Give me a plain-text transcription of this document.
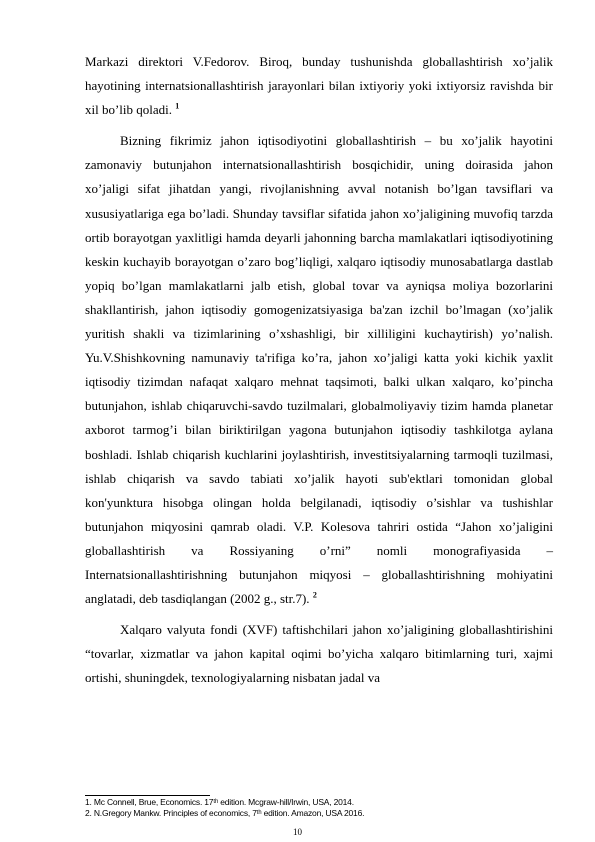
Markazi direktori V.Fedorov. Biroq, bunday tushunishda globallashtirish xo’jalik hayotining internatsionallashtirish jarayonlari bilan ixtiyoriy yoki ixtiyorsiz ravishda bir xil bo’lib qoladi. $^1$

Bizning fikrimiz jahon iqtisodiyotini globallashtirish – bu xo’jalik hayotini zamonaviy butunjahon internatsionallashtirish bosqichidir, uning doirasida jahon xo’jaligi sifat jihatdan yangi, rivojlanishning avval notanish bo’lgan tavsiflari va xususiyatlariga ega bo’ladi. Shunday tavsiflar sifatida jahon xo’jaligining muvofiq tarzda ortib borayotgan yaxlitligi hamda deyarli jahonning barcha mamlakatlari iqtisodiyotining keskin kuchayib borayotgan o’zaro bog’liqligi, xalqaro iqtisodiy munosabatlarga dastlab yopiq bo’lgan mamlakatlarni jalb etish, global tovar va ayniqsa moliya bozorlarini shakllantirish, jahon iqtisodiy gomogenizatsiyasiga ba'zan izchil bo’lmagan (xo’jalik yuritish shakli va tizimlarining o’xshashligi, bir xilliligini kuchaytirish) yo’nalish. Yu.V.Shishkovning namunaviy ta'rifiga ko’ra, jahon xo’jaligi katta yoki kichik yaxlit iqtisodiy tizimdan nafaqat xalqaro mehnat taqsimoti, balki ulkan xalqaro, ko’pincha butunjahon, ishlab chiqaruvchi-savdo tuzilmalari, globalmoliyaviy tizim hamda planetar axborot tarmog’i bilan biriktirilgan yagona butunjahon iqtisodiy tashkilotga aylana boshladi. Ishlab chiqarish kuchlarini joylashtirish, investitsiyalarning tarmoqli tuzilmasi, ishlab chiqarish va savdo tabiati xo’jalik hayoti sub'ektlari tomonidan global kon'yunktura hisobga olingan holda belgilanadi, iqtisodiy o’sishlar va tushishlar butunjahon miqyosini qamrab oladi. V.P. Kolesova tahriri ostida “Jahon xo’jaligini globallashtirish va Rossiyaning o’rni” nomli monografiyasida – Internatsionallashtirishning butunjahon miqyosi – globallashtirishning mohiyatini anglatadi, deb tasdiqlangan (2002 g., str.7). $^2$

Xalqaro valyuta fondi (XVF) taftishchilari jahon xo’jaligining globallashtirishini “tovarlar, xizmatlar va jahon kapital oqimi bo’yicha xalqaro bitimlarning turi, xajmi ortishi, shuningdek, texnologiyalarning nisbatan jadal va

1. Mc Connell, Brue, Economics. 17ᵗʰ edition. Mcgraw-hill/Irwin, USA, 2014.
2. N.Gregory Mankw. Principles of economics, 7ᵗʰ edition. Amazon, USA 2016.
10
